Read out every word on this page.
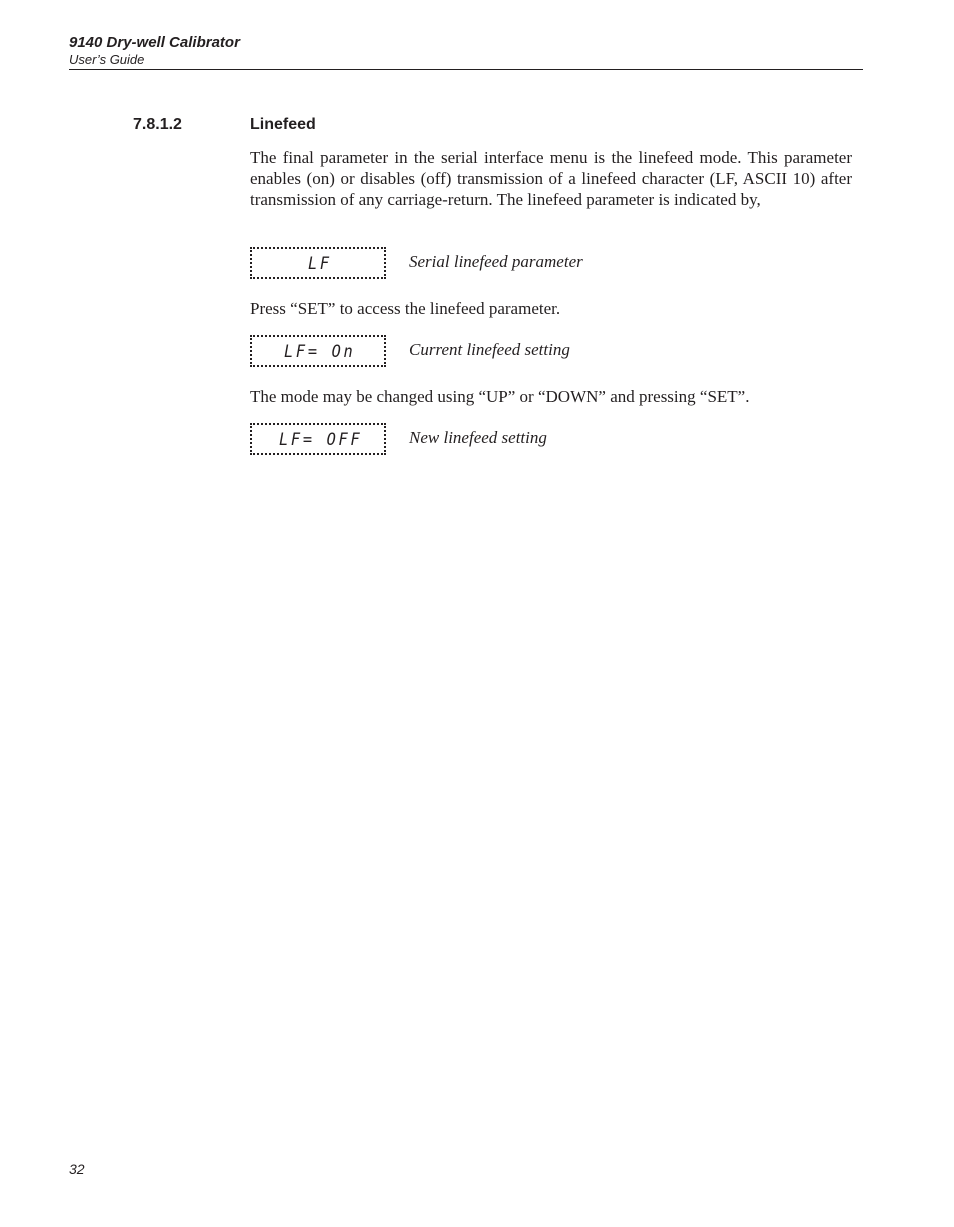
9140 Dry-well Calibrator
User’s Guide
7.8.1.2	Linefeed

The final parameter in the serial interface menu is the linefeed mode. This parameter enables (on) or disables (off) transmission of a linefeed character (LF, ASCII 10) after transmission of any carriage-return. The linefeed parameter is indicated by,

LF	Serial linefeed parameter

Press “SET” to access the linefeed parameter.

LF= On	Current linefeed setting

The mode may be changed using “UP” or “DOWN” and pressing “SET”.

LF= OFF	New linefeed setting
32
